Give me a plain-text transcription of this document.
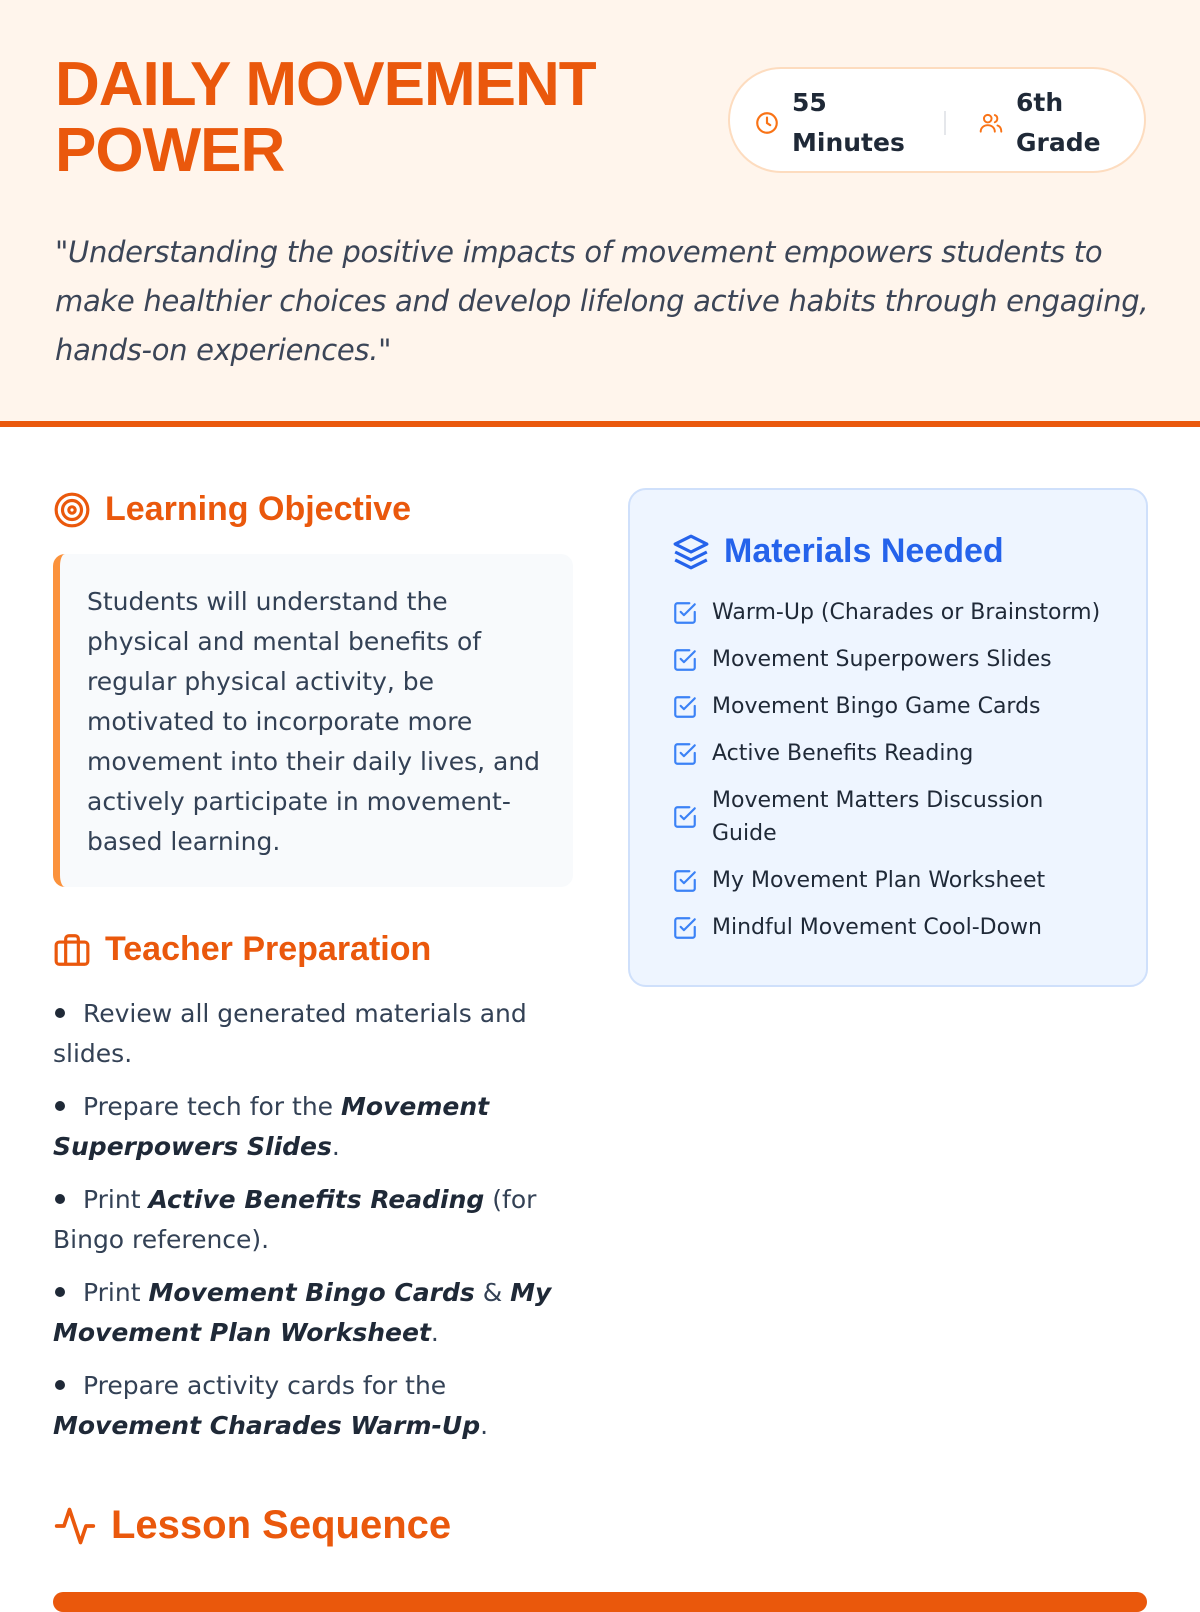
DAILY MOVEMENT POWER
55 Minutes
6th Grade

"Understanding the positive impacts of movement empowers students to make healthier choices and develop lifelong active habits through engaging, hands-on experiences."

Learning Objective
Students will understand the physical and mental benefits of regular physical activity, be motivated to incorporate more movement into their daily lives, and actively participate in movement-based learning.
Teacher Preparation
Review all generated materials and slides.
Prepare tech for the Movement Superpowers Slides.
Print Active Benefits Reading (for Bingo reference).
Print Movement Bingo Cards & My Movement Plan Worksheet.
Prepare activity cards for the Movement Charades Warm-Up.
Materials Needed
Warm-Up (Charades or Brainstorm)
Movement Superpowers Slides
Movement Bingo Game Cards
Active Benefits Reading
Movement Matters Discussion Guide
My Movement Plan Worksheet
Mindful Movement Cool-Down
Lesson Sequence
